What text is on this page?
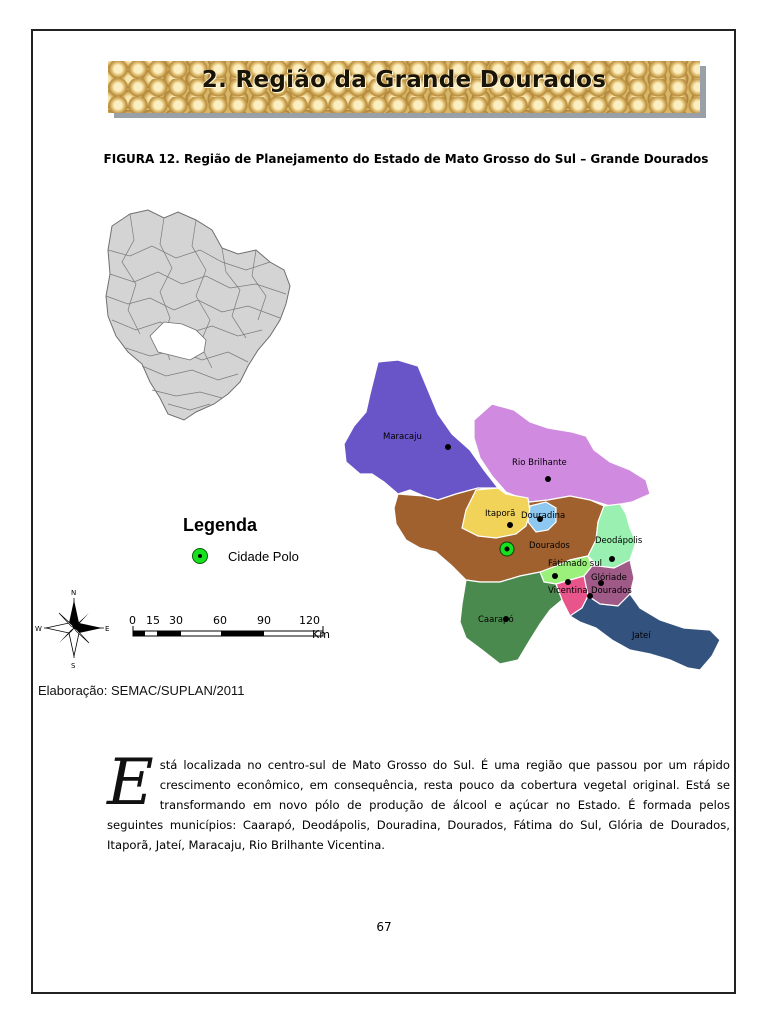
2. Região da Grande Dourados
FIGURA 12. Região de Planejamento do Estado de Mato Grosso do Sul – Grande Dourados
Maracaju
Rio Brilhante
Itaporã Douradina
Dourados	Deodápolis
Fátimado sul
Glóriade
Dourados
Vicentina
Caarapó
Jateí
N
S
E
W
0 15 30	60	90	120
Km
Legenda
Cidade Polo
Elaboração: SEMAC/SUPLAN/2011
E stá localizada no centro-sul de Mato Grosso do Sul. É uma região que passou por um rápido crescimento econômico, em consequência, resta pouco da cobertura vegetal original. Está se transformando em novo pólo de produção de álcool e açúcar no Estado. É formada pelos seguintes municípios: Caarapó, Deodápolis, Douradina, Dourados, Fátima do Sul, Glória de Dourados, Itaporã, Jateí, Maracaju, Rio Brilhante Vicentina.
67
